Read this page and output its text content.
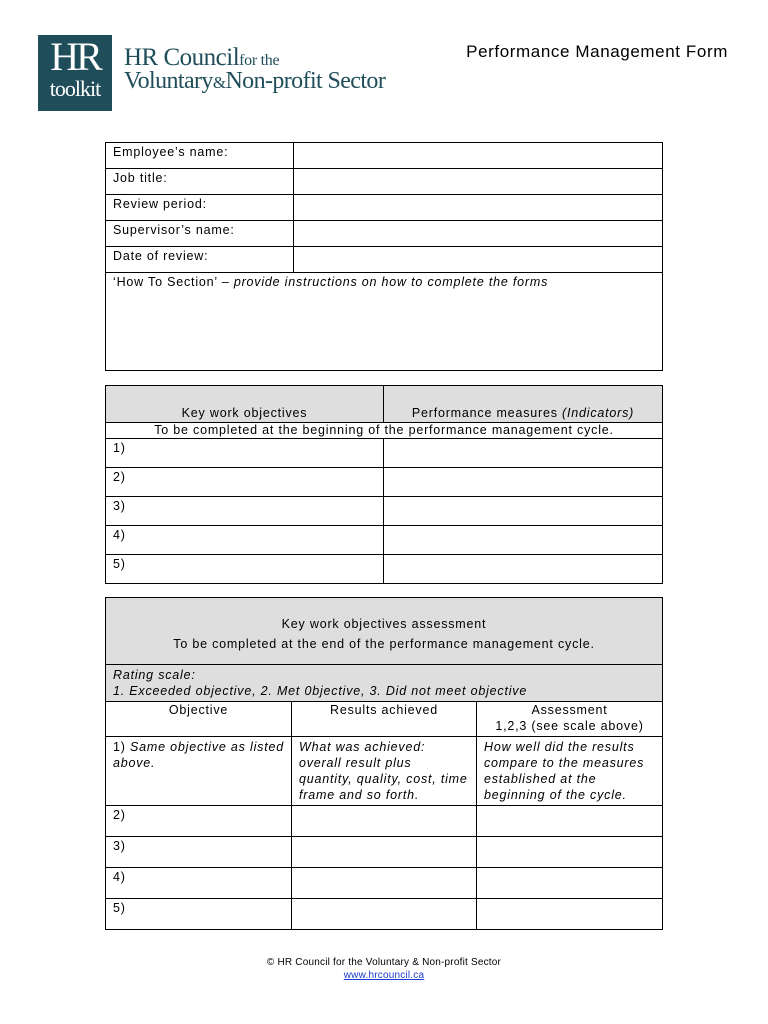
HR
toolkit
HR Councilfor the
Voluntary&Non-profit Sector
Performance Management Form
Employee’s name:	
Job title:	
Review period:	
Supervisor’s name:	
Date of review:	
‘How To Section’ – provide instructions on how to complete the forms	
Key work objectives	Performance measures (Indicators)
To be completed at the beginning of the performance management cycle.	
1)	
2)	
3)	
4)	
5)	
Key work objectives assessment
To be completed at the end of the performance management cycle.		

Rating scale:
1. Exceeded objective, 2. Met 0bjective, 3. Did not meet objective		

Objective	Results achieved	Assessment
1,2,3 (see scale above)

1) Same objective as listed above.	What was achieved: overall result plus quantity, quality, cost, time frame and so forth.	How well did the results compare to the measures established at the beginning of the cycle.
2)		
3)		
4)		
5)		
© HR Council for the Voluntary & Non-profit Sector
www.hrcouncil.ca
